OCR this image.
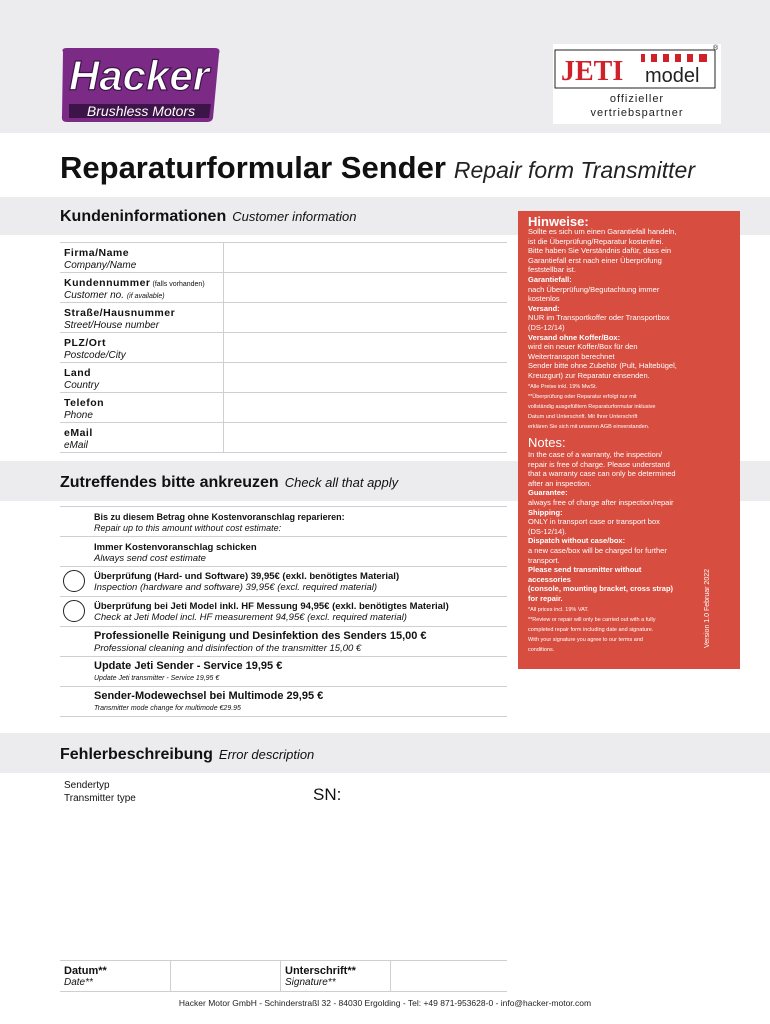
Hacker
Brushless Motors
JETI model
®
offizieller
vertriebspartner
Reparaturformular Sender Repair form Transmitter
Kundeninformationen Customer information
Firma/Name
Company/Name
Kundennummer (falls vorhanden)
Customer no. (if available)
Straße/Hausnummer
Street/House number
PLZ/Ort
Postcode/City
Land
Country
Telefon
Phone
eMail
eMail
Zutreffendes bitte ankreuzen Check all that apply
Bis zu diesem Betrag ohne Kostenvoranschlag reparieren:
Repair up to this amount without cost estimate:
Immer Kostenvoranschlag schicken
Always send cost estimate
Überprüfung (Hard- und Software) 39,95€ (exkl. benötigtes Material)
Inspection (hardware and software) 39,95€ (excl. required material)
Überprüfung bei Jeti Model inkl. HF Messung 94,95€ (exkl. benötigtes Material)
Check at Jeti Model incl. HF measurement 94,95€ (excl. required material)
Professionelle Reinigung und Desinfektion des Senders 15,00 €
Professional cleaning and disinfection of the transmitter 15,00 €
Update Jeti Sender - Service 19,95 €
Update Jeti transmitter - Service 19,95 €
Sender-Modewechsel bei Multimode 29,95 €
Transmitter mode change for multimode €29.95
Hinweise:
Sollte es sich um einen Garantiefall handeln,
ist die Überprüfung/Reparatur kostenfrei.
Bitte haben Sie Verständnis dafür, dass ein
Garantiefall erst nach einer Überprüfung
feststellbar ist.
Garantiefall:
nach Überprüfung/Begutachtung immer
kostenlos
Versand:
NUR im Transportkoffer oder Transportbox
(DS-12/14)
Versand ohne Koffer/Box:
wird ein neuer Koffer/Box für den
Weitertransport berechnet
Sender bitte ohne Zubehör (Pult, Haltebügel,
Kreuzgurt) zur Reparatur einsenden.
*Alle Preise inkl. 19% MwSt.
**Überprüfung oder Reparatur erfolgt nur mit
vollständig ausgefülltem Reparaturformular inklusive
Datum und Unterschrift. Mit Ihrer Unterschrift
erklären Sie sich mit unseren AGB einverstanden.
Notes:
In the case of a warranty, the inspection/
repair is free of charge. Please understand
that a warranty case can only be determined
after an inspection.
Guarantee:
always free of charge after inspection/repair
Shipping:
ONLY in transport case or transport box
(DS-12/14).
Dispatch without case/box:
a new case/box will be charged for further
transport.
Please send transmitter without
accessories
(console, mounting bracket, cross strap)
for repair.
*All prices incl. 19% VAT.
**Review or repair will only be carried out with a fully
completed repair form including date and signature.
With your signature you agree to our terms and
conditions.
Version 1.0 Februar 2022
Fehlerbeschreibung Error description
Sendertyp
Transmitter type	SN:
Datum**
Date**
Unterschrift**
Signature**
Hacker Motor GmbH - Schinderstraßl 32 - 84030 Ergolding - Tel: +49 871-953628-0 - info@hacker-motor.com
